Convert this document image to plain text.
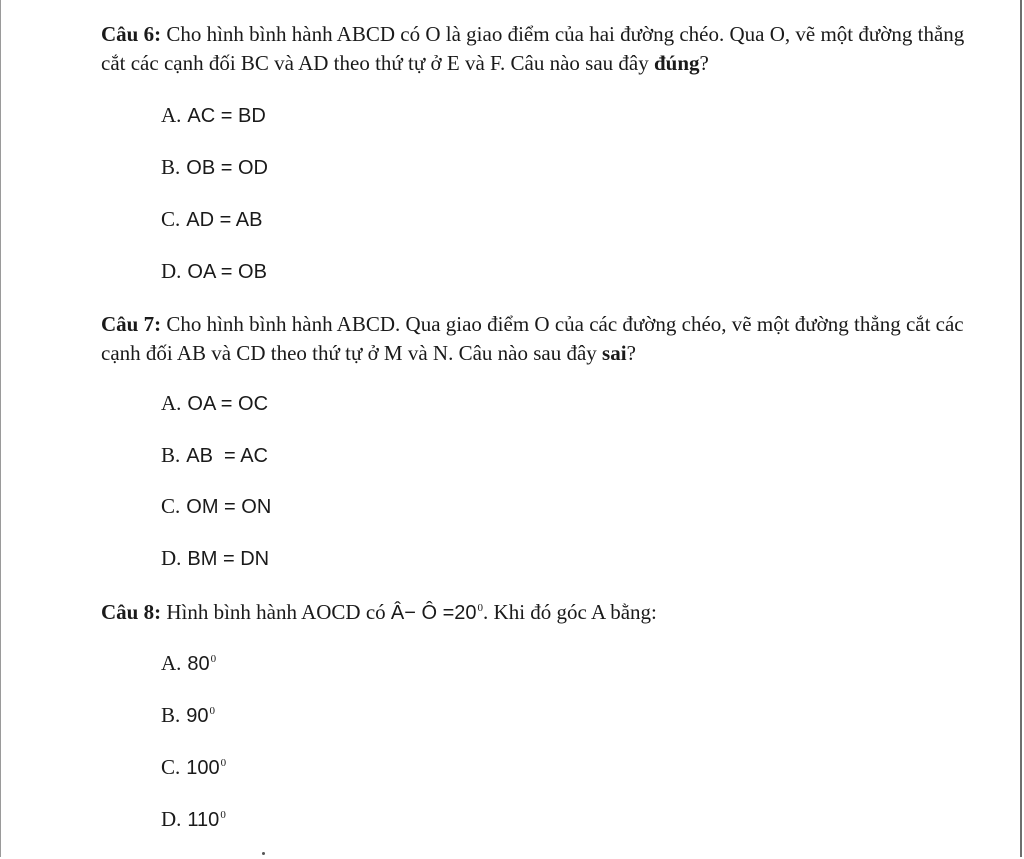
Câu 6: Cho hình bình hành ABCD có O là giao điểm của hai đường chéo. Qua O, vẽ một đường thẳng cắt các cạnh đối BC và AD theo thứ tự ở E và F. Câu nào sau đây đúng?
A. AC = BD
B. OB = OD
C. AD = AB
D. OA = OB
Câu 7: Cho hình bình hành ABCD. Qua giao điểm O của các đường chéo, vẽ một đường thẳng cắt các cạnh đối AB và CD theo thứ tự ở M và N. Câu nào sau đây sai?
A. OA = OC
B. AB  = AC
C. OM = ON
D. BM = DN
Câu 8: Hình bình hành AOCD có Â− Ô $=20^0$. Khi đó góc A bằng:
A. $80^0$
B. $90^0$
C. $100^0$
D. $110^0$
